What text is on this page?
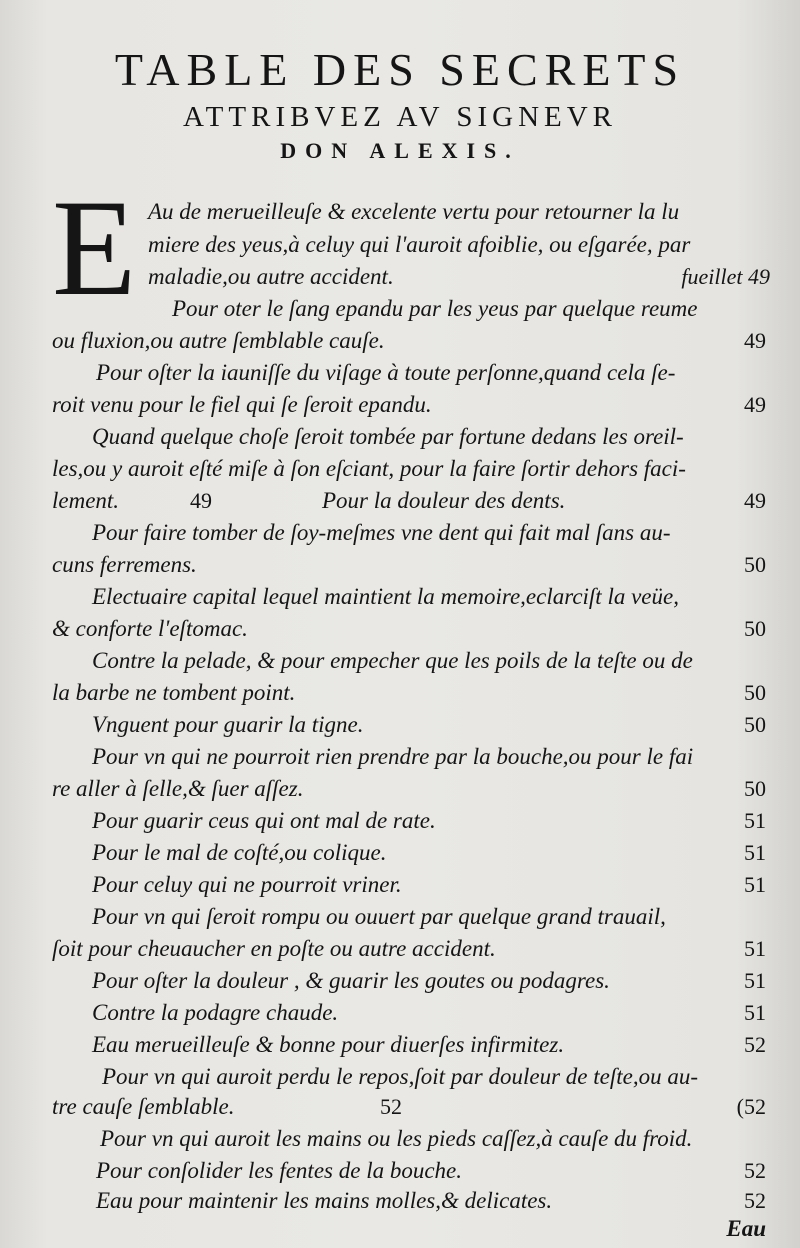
TABLE DES SECRETS
ATTRIBVEZ AV SIGNEVR
DON ALEXIS.
E Au de merueilleuſe & excelente vertu pour retourner la lu
miere des yeus,à celuy qui l'auroit afoiblie, ou eſgarée, par
maladie,ou autre accident.	fueillet 49
Pour oter le ſang epandu par les yeus par quelque reume
ou fluxion,ou autre ſemblable cauſe.	49
Pour oſter la iauniſſe du viſage à toute perſonne,quand cela ſe-
roit venu pour le fiel qui ſe ſeroit epandu.	49
Quand quelque choſe ſeroit tombée par fortune dedans les oreil-
les,ou y auroit eſté miſe à ſon eſciant, pour la faire ſortir dehors faci-
lement.	49	Pour la douleur des dents.	49
Pour faire tomber de ſoy-meſmes vne dent qui fait mal ſans au-
cuns ferremens.	50
Electuaire capital lequel maintient la memoire,eclarciſt la veüe,
& conforte l'eſtomac.	50
Contre la pelade, & pour empecher que les poils de la teſte ou de
la barbe ne tombent point.	50
Vnguent pour guarir la tigne.	50
Pour vn qui ne pourroit rien prendre par la bouche,ou pour le fai
re aller à ſelle,& ſuer aſſez.	50
Pour guarir ceus qui ont mal de rate.	51
Pour le mal de coſté,ou colique.	51
Pour celuy qui ne pourroit vriner.	51
Pour vn qui ſeroit rompu ou ouuert par quelque grand trauail,
ſoit pour cheuaucher en poſte ou autre accident.	51
Pour oſter la douleur , & guarir les goutes ou podagres.	51
Contre la podagre chaude.	51
Eau merueilleuſe & bonne pour diuerſes infirmitez.	52
Pour vn qui auroit perdu le repos,ſoit par douleur de teſte,ou au-
tre cauſe ſemblable.	52
Pour vn qui auroit les mains ou les pieds caſſez,à cauſe du froid.
(52
Pour conſolider les fentes de la bouche.	52
Eau pour maintenir les mains molles,& delicates.	52
Eau
